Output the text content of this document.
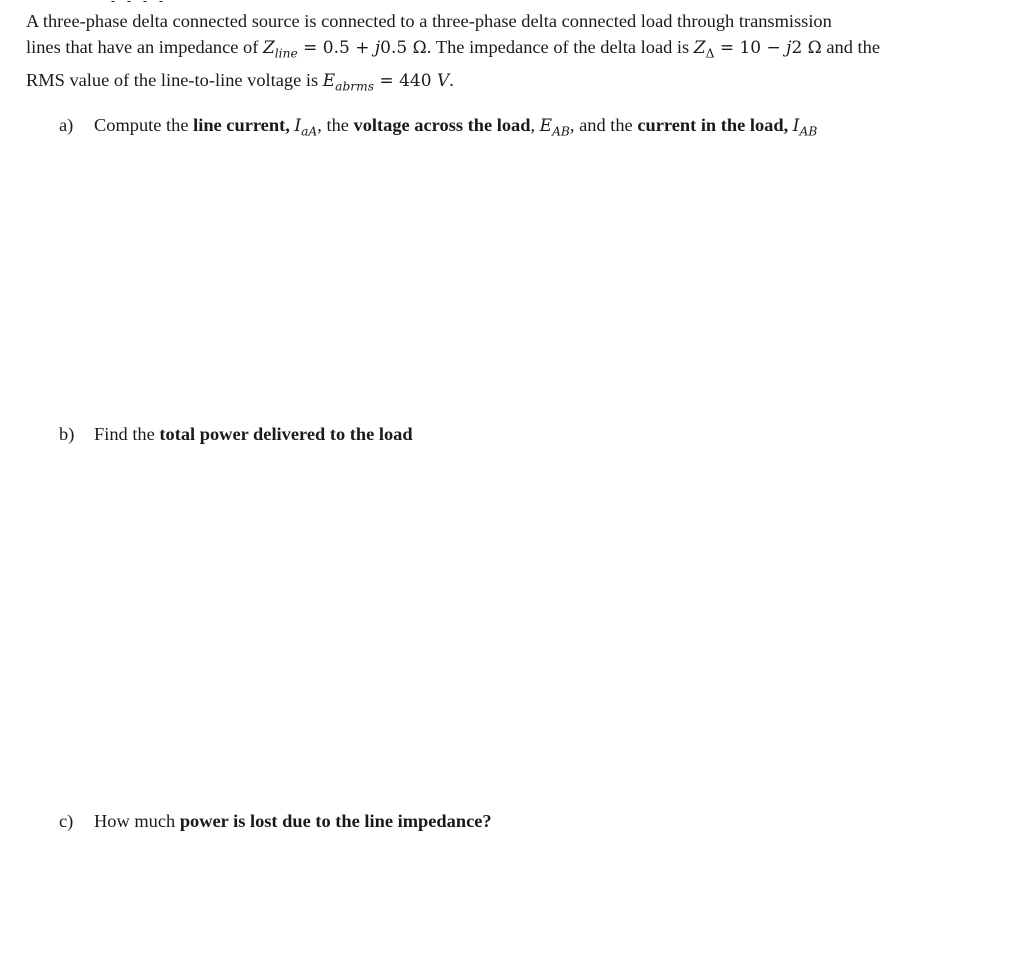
A three-phase delta connected source is connected to a three-phase delta connected load through transmission
lines that have an impedance of $Z_{line} = 0.5 + j0.5$ Ω. The impedance of the delta load is $Z_\Delta = 10 - j2$ Ω and the
RMS value of the line-to-line voltage is $E_{abrms} = 440$ V.
a) Compute the line current, $I_{aA}$, the voltage across the load, $E_{AB}$, and the current in the load, $I_{AB}$
b) Find the total power delivered to the load
c) How much power is lost due to the line impedance?
